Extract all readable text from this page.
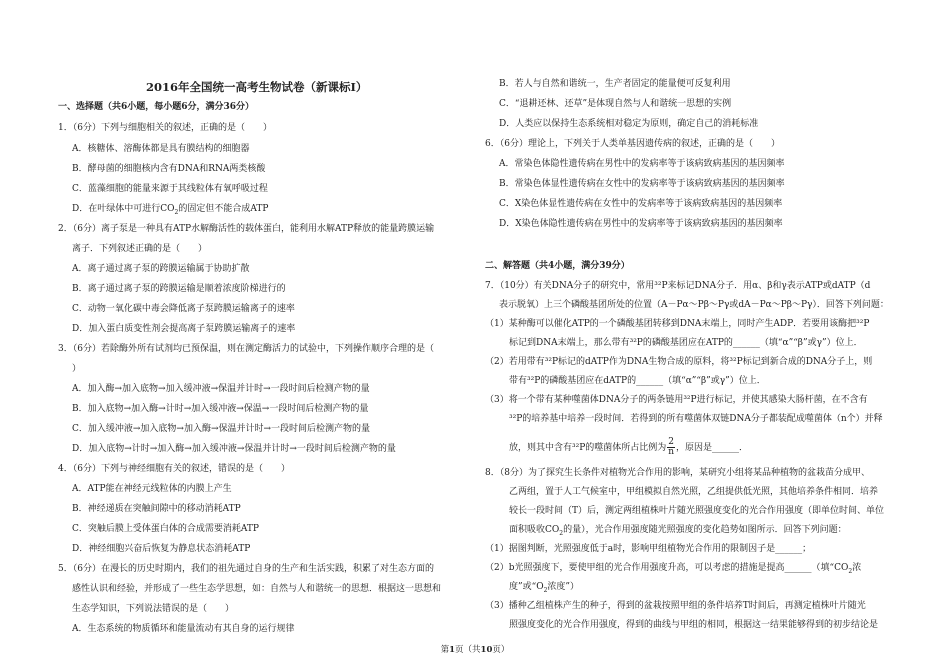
2016年全国统一高考生物试卷（新课标Ⅰ）
一、选择题（共6小题，每小题6分，满分36分）
1．（6分）下列与细胞相关的叙述，正确的是（　　）
A．核糖体、溶酶体都是具有膜结构的细胞器
B．酵母菌的细胞核内含有DNA和RNA两类核酸
C．蓝藻细胞的能量来源于其线粒体有氧呼吸过程
D．在叶绿体中可进行$CO_2$的固定但不能合成ATP
2．（6分）离子泵是一种具有ATP水解酶活性的载体蛋白，能利用水解ATP释放的能量跨膜运输
离子．下列叙述正确的是（　　）
A．离子通过离子泵的跨膜运输属于协助扩散
B．离子通过离子泵的跨膜运输是顺着浓度阶梯进行的
C．动物一氧化碳中毒会降低离子泵跨膜运输离子的速率
D．加入蛋白质变性剂会提高离子泵跨膜运输离子的速率
3．（6分）若除酶外所有试剂均已预保温，则在测定酶活力的试验中，下列操作顺序合理的是（
）
A．加入酶→加入底物→加入缓冲液→保温并计时→一段时间后检测产物的量
B．加入底物→加入酶→计时→加入缓冲液→保温→一段时间后检测产物的量
C．加入缓冲液→加入底物→加入酶→保温并计时→一段时间后检测产物的量
D．加入底物→计时→加入酶→加入缓冲液→保温并计时→一段时间后检测产物的量
4．（6分）下列与神经细胞有关的叙述，错误的是（　　）
A．ATP能在神经元线粒体的内膜上产生
B．神经递质在突触间隙中的移动消耗ATP
C．突触后膜上受体蛋白体的合成需要消耗ATP
D．神经细胞兴奋后恢复为静息状态消耗ATP
5．（6分）在漫长的历史时期内，我们的祖先通过自身的生产和生活实践，积累了对生态方面的
感性认识和经验，并形成了一些生态学思想，如：自然与人和谐统一的思想．根据这一思想和
生态学知识，下列说法错误的是（　　）
A．生态系统的物质循环和能量流动有其自身的运行规律
B．若人与自然和谐统一，生产者固定的能量便可反复利用
C．“退耕还林、还草”是体现自然与人和谐统一思想的实例
D．人类应以保持生态系统相对稳定为原则，确定自己的消耗标准
6．（6分）理论上，下列关于人类单基因遗传病的叙述，正确的是（　　）
A．常染色体隐性遗传病在男性中的发病率等于该病致病基因的基因频率
B．常染色体显性遗传病在女性中的发病率等于该病致病基因的基因频率
C．X染色体显性遗传病在女性中的发病率等于该病致病基因的基因频率
D．X染色体隐性遗传病在男性中的发病率等于该病致病基因的基因频率
二、解答题（共4小题，满分39分）
7．（10分）有关DNA分子的研究中，常用³²P来标记DNA分子．用α、β和γ表示ATP或dATP（d
表示脱氧）上三个磷酸基团所处的位置（A－Pα～Pβ～Pγ或dA－Pα～Pβ～Pγ）．回答下列问题：
（1）某种酶可以催化ATP的一个磷酸基团转移到DNA末端上，同时产生ADP．若要用该酶把³²P
标记到DNA末端上，那么带有³²P的磷酸基团应在ATP的______（填“α”“β”或γ”）位上．
（2）若用带有³²P标记的dATP作为DNA生物合成的原料，将³²P标记到新合成的DNA分子上，则
带有³²P的磷酸基团应在dATP的______（填“α”“β”或γ”）位上．
（3）将一个带有某种噬菌体DNA分子的两条链用³²P进行标记，并使其感染大肠杆菌，在不含有
³²P的培养基中培养一段时间．若得到的所有噬菌体双链DNA分子都装配成噬菌体（n个）并释
放，则其中含有³²P的噬菌体所占比例为 $\frac{2}{n}$ ，原因是______．
8．（8分）为了探究生长条件对植物光合作用的影响，某研究小组将某品种植物的盆栽苗分成甲、
乙两组，置于人工气候室中，甲组模拟自然光照，乙组提供低光照，其他培养条件相同．培养
较长一段时间（T）后，测定两组植株叶片随光照强度变化的光合作用强度（即单位时间、单位
面积吸收$CO_2$的量），光合作用强度随光照强度的变化趋势如图所示．回答下列问题：
（1）据图判断，光照强度低于a时，影响甲组植物光合作用的限制因子是______；
（2）b光照强度下，要使甲组的光合作用强度升高，可以考虑的措施是提高______（填“$CO_2$浓
度”或“$O_2$浓度”）
（3）播种乙组植株产生的种子，得到的盆栽按照甲组的条件培养T时间后，再测定植株叶片随光
照强度变化的光合作用强度，得到的曲线与甲组的相同，根据这一结果能够得到的初步结论是
第1页（共10页）
